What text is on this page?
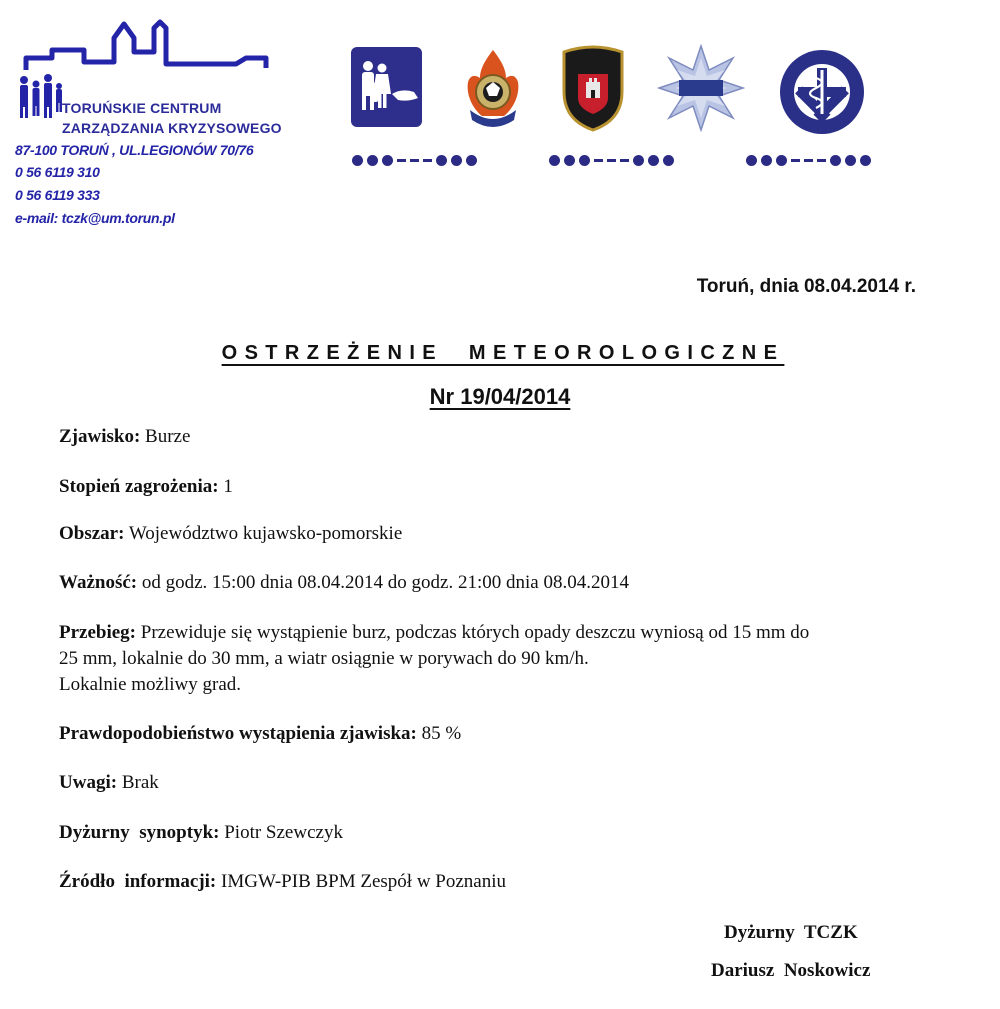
TORUŃSKIE CENTRUM
ZARZĄDZANIA KRYZYSOWEGO
87-100 TORUŃ , UL.LEGIONÓW 70/76
0 56 6119 310
0 56 6119 333
e-mail: tczk@um.torun.pl
Toruń, dnia 08.04.2014 r.
OSTRZEŻENIE  METEOROLOGICZNE
Nr 19/04/2014
Zjawisko: Burze
Stopień zagrożenia: 1
Obszar: Województwo kujawsko-pomorskie
Ważność: od godz. 15:00 dnia 08.04.2014 do godz. 21:00 dnia 08.04.2014
Przebieg: Przewiduje się wystąpienie burz, podczas których opady deszczu wyniosą od 15 mm do
25 mm, lokalnie do 30 mm, a wiatr osiągnie w porywach do 90 km/h.
Lokalnie możliwy grad.
Prawdopodobieństwo wystąpienia zjawiska: 85 %
Uwagi: Brak
Dyżurny  synoptyk: Piotr Szewczyk
Źródło  informacji: IMGW-PIB BPM Zespół w Poznaniu
Dyżurny  TCZK
Dariusz  Noskowicz
